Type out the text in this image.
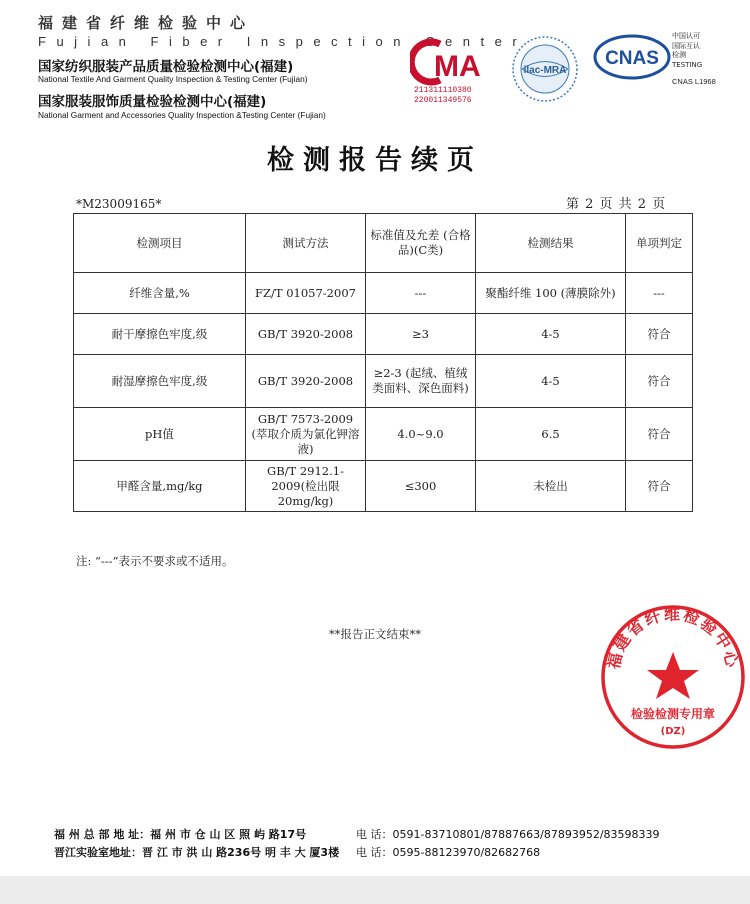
福建省纤维检验中心
Fujian Fiber Inspection Center
国家纺织服装产品质量检验检测中心(福建)
National Textile And Garment Quality Inspection & Testing Center (Fujian)
国家服装服饰质量检验检测中心(福建)
National Garment and Accessories Quality Inspection &Testing Center (Fujian)
MA
211311110380
220011349576
ilac-MRA
CNAS
中国认可
国际互认
检测
TESTING
CNAS L1968
检测报告续页
*M23009165*	第 2 页 共 2 页
检测项目	测试方法	标准值及允差 (合格品)(C类)	检测结果	单项判定
纤维含量,%	FZ/T 01057-2007	---	聚酯纤维 100 (薄膜除外)	---
耐干摩擦色牢度,级	GB/T 3920-2008	≥3	4-5	符合
耐湿摩擦色牢度,级	GB/T 3920-2008	≥2-3 (起绒、植绒类面料、深色面料)	4-5	符合
pH值	GB/T 7573-2009 (萃取介质为氯化钾溶液)	4.0~9.0	6.5	符合
甲醛含量,mg/kg	GB/T 2912.1-2009(检出限20mg/kg)	≤300	未检出	符合
注: “---”表示不要求或不适用。
**报告正文结束**
福建省纤维检验中心
检验检测专用章
(DZ)
福 州 总 部 地 址：福 州 市 仓 山 区 照 屿 路17号	电 话：0591-83710801/87887663/87893952/83598339
晋江实验室地址：晋 江 市 洪 山 路236号 明 丰 大 厦3楼 电 话：0595-88123970/82682768
